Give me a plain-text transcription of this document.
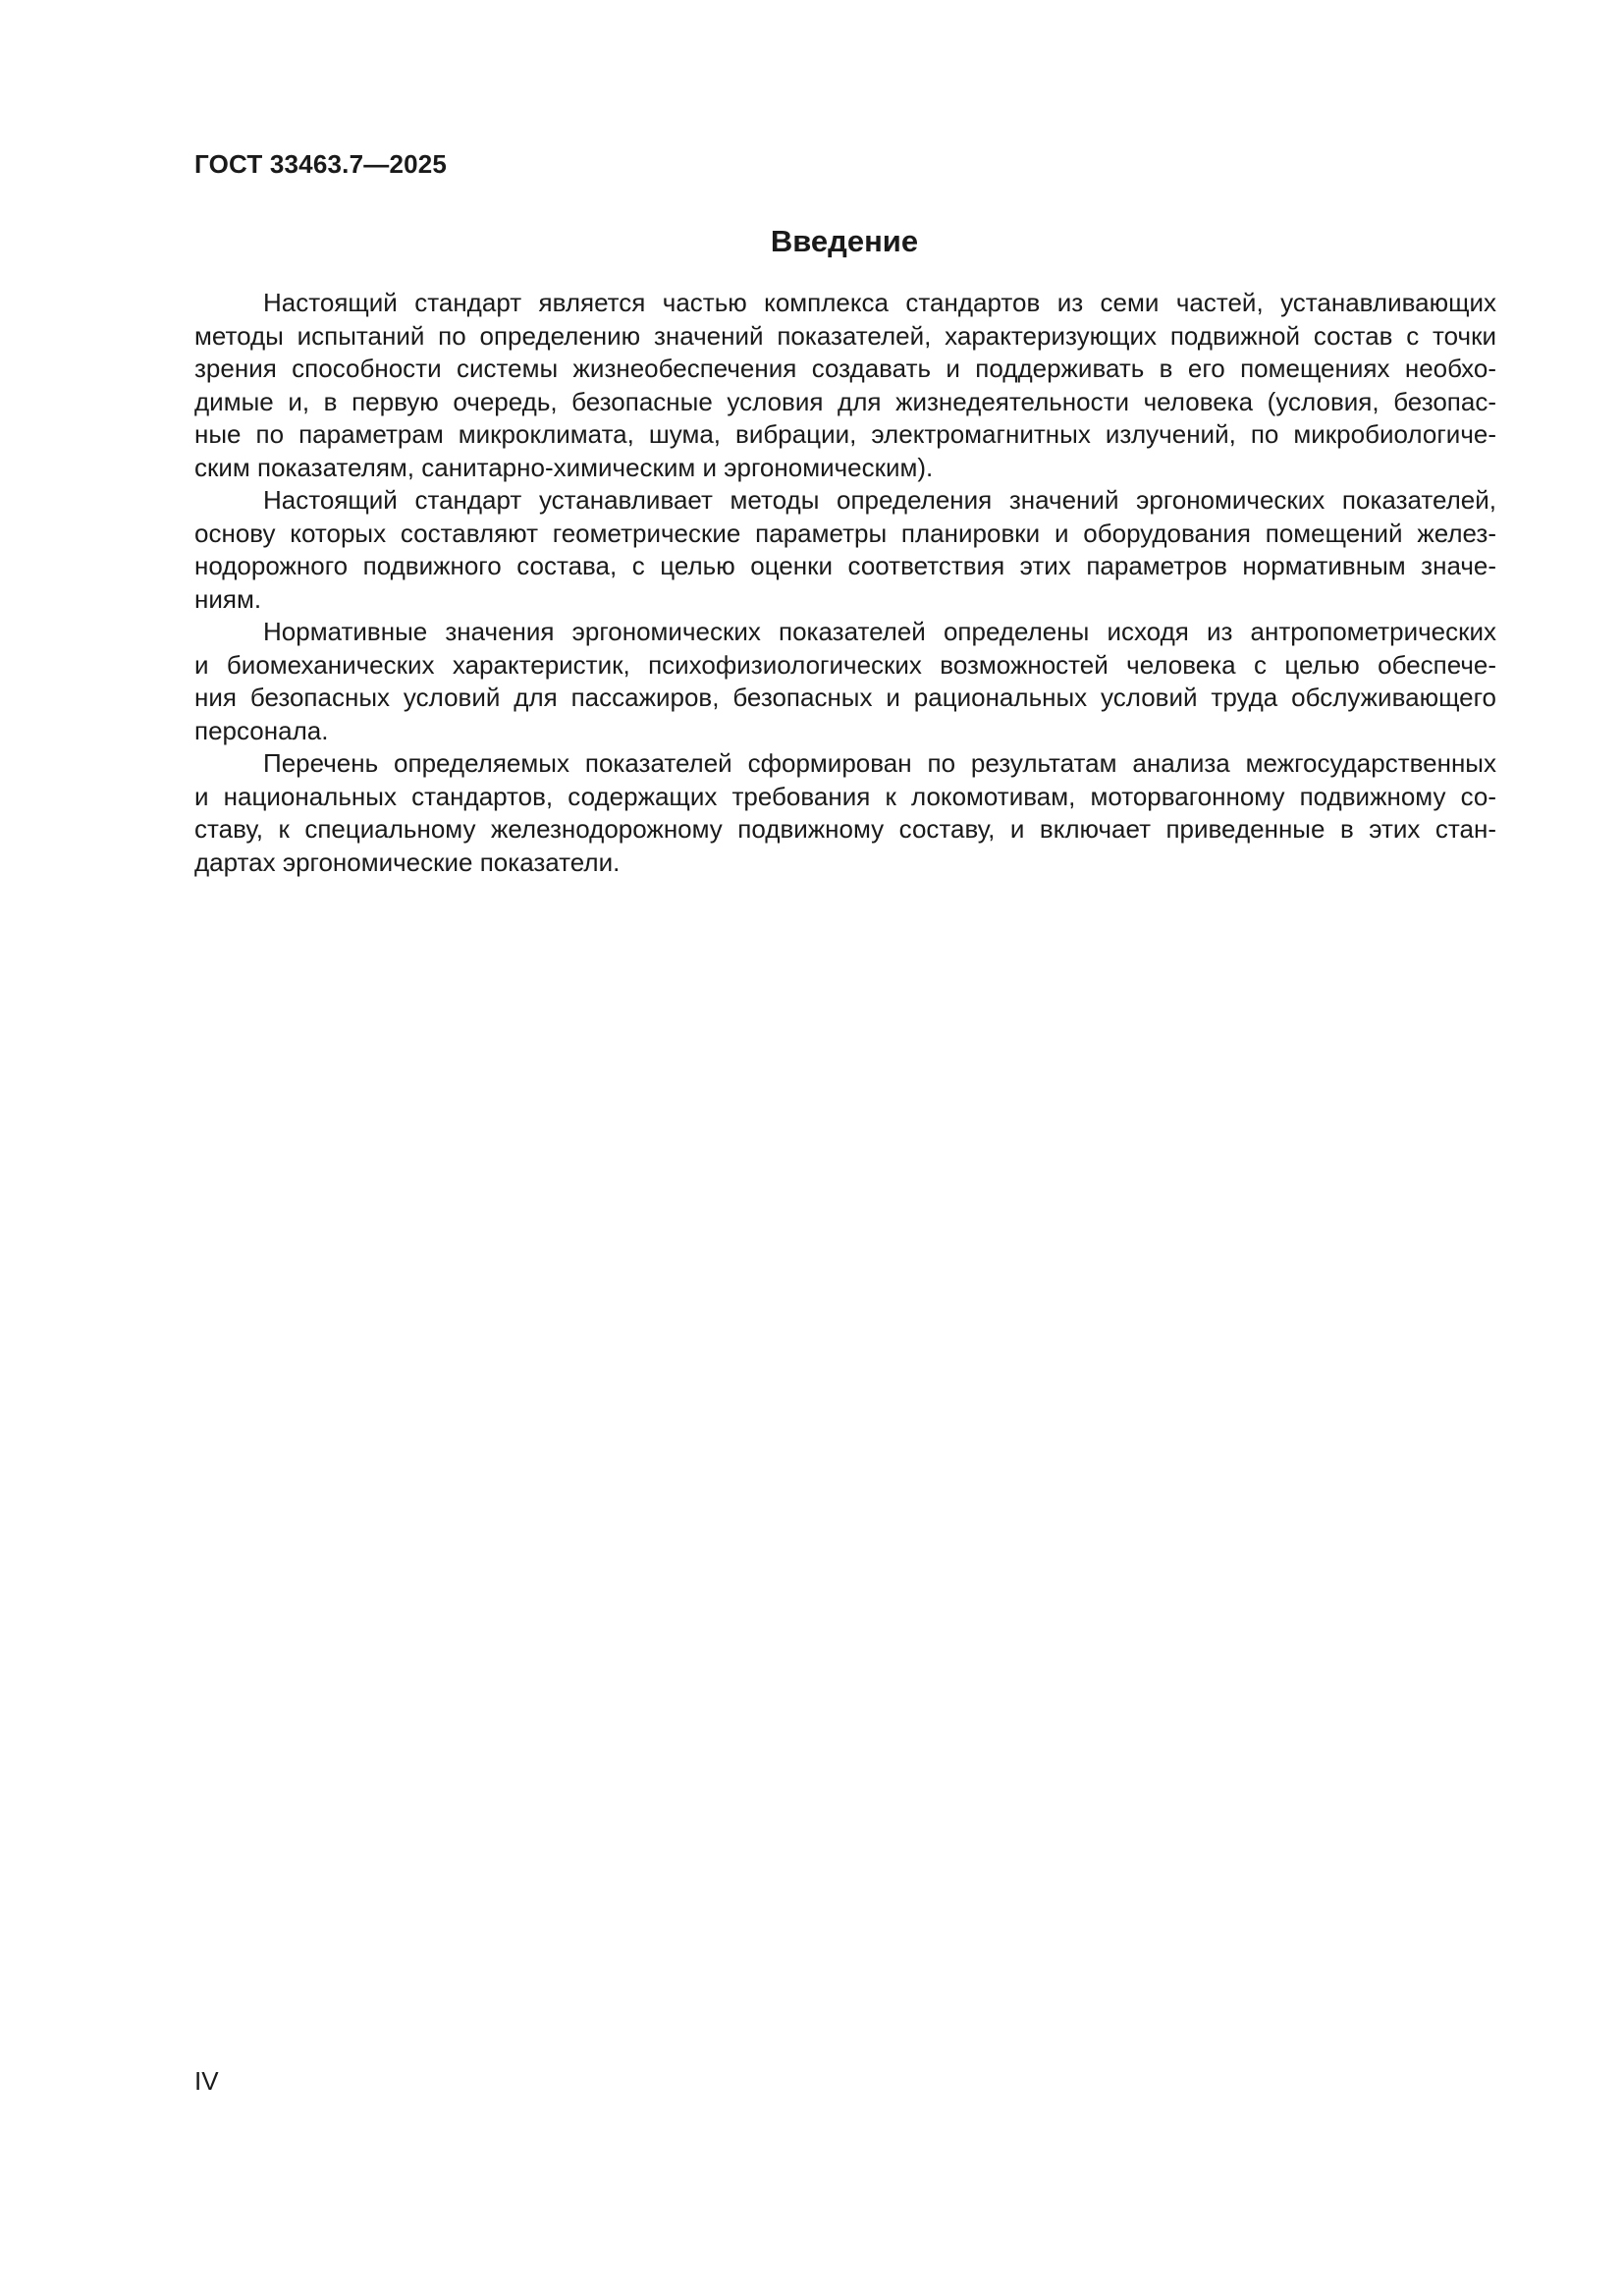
ГОСТ 33463.7—2025
Введение
Настоящий стандарт является частью комплекса стандартов из семи частей, устанавливающих
методы испытаний по определению значений показателей, характеризующих подвижной состав с точки
зрения способности системы жизнеобеспечения создавать и поддерживать в его помещениях необхо-
димые и, в первую очередь, безопасные условия для жизнедеятельности человека (условия, безопас-
ные по параметрам микроклимата, шума, вибрации, электромагнитных излучений, по микробиологиче-
ским показателям, санитарно-химическим и эргономическим).
Настоящий стандарт устанавливает методы определения значений эргономических показателей,
основу которых составляют геометрические параметры планировки и оборудования помещений желез-
нодорожного подвижного состава, с целью оценки соответствия этих параметров нормативным значе-
ниям.
Нормативные значения эргономических показателей определены исходя из антропометрических
и биомеханических характеристик, психофизиологических возможностей человека с целью обеспече-
ния безопасных условий для пассажиров, безопасных и рациональных условий труда обслуживающего
персонала.
Перечень определяемых показателей сформирован по результатам анализа межгосударственных
и национальных стандартов, содержащих требования к локомотивам, моторвагонному подвижному со-
ставу, к специальному железнодорожному подвижному составу, и включает приведенные в этих стан-
дартах эргономические показатели.
IV
